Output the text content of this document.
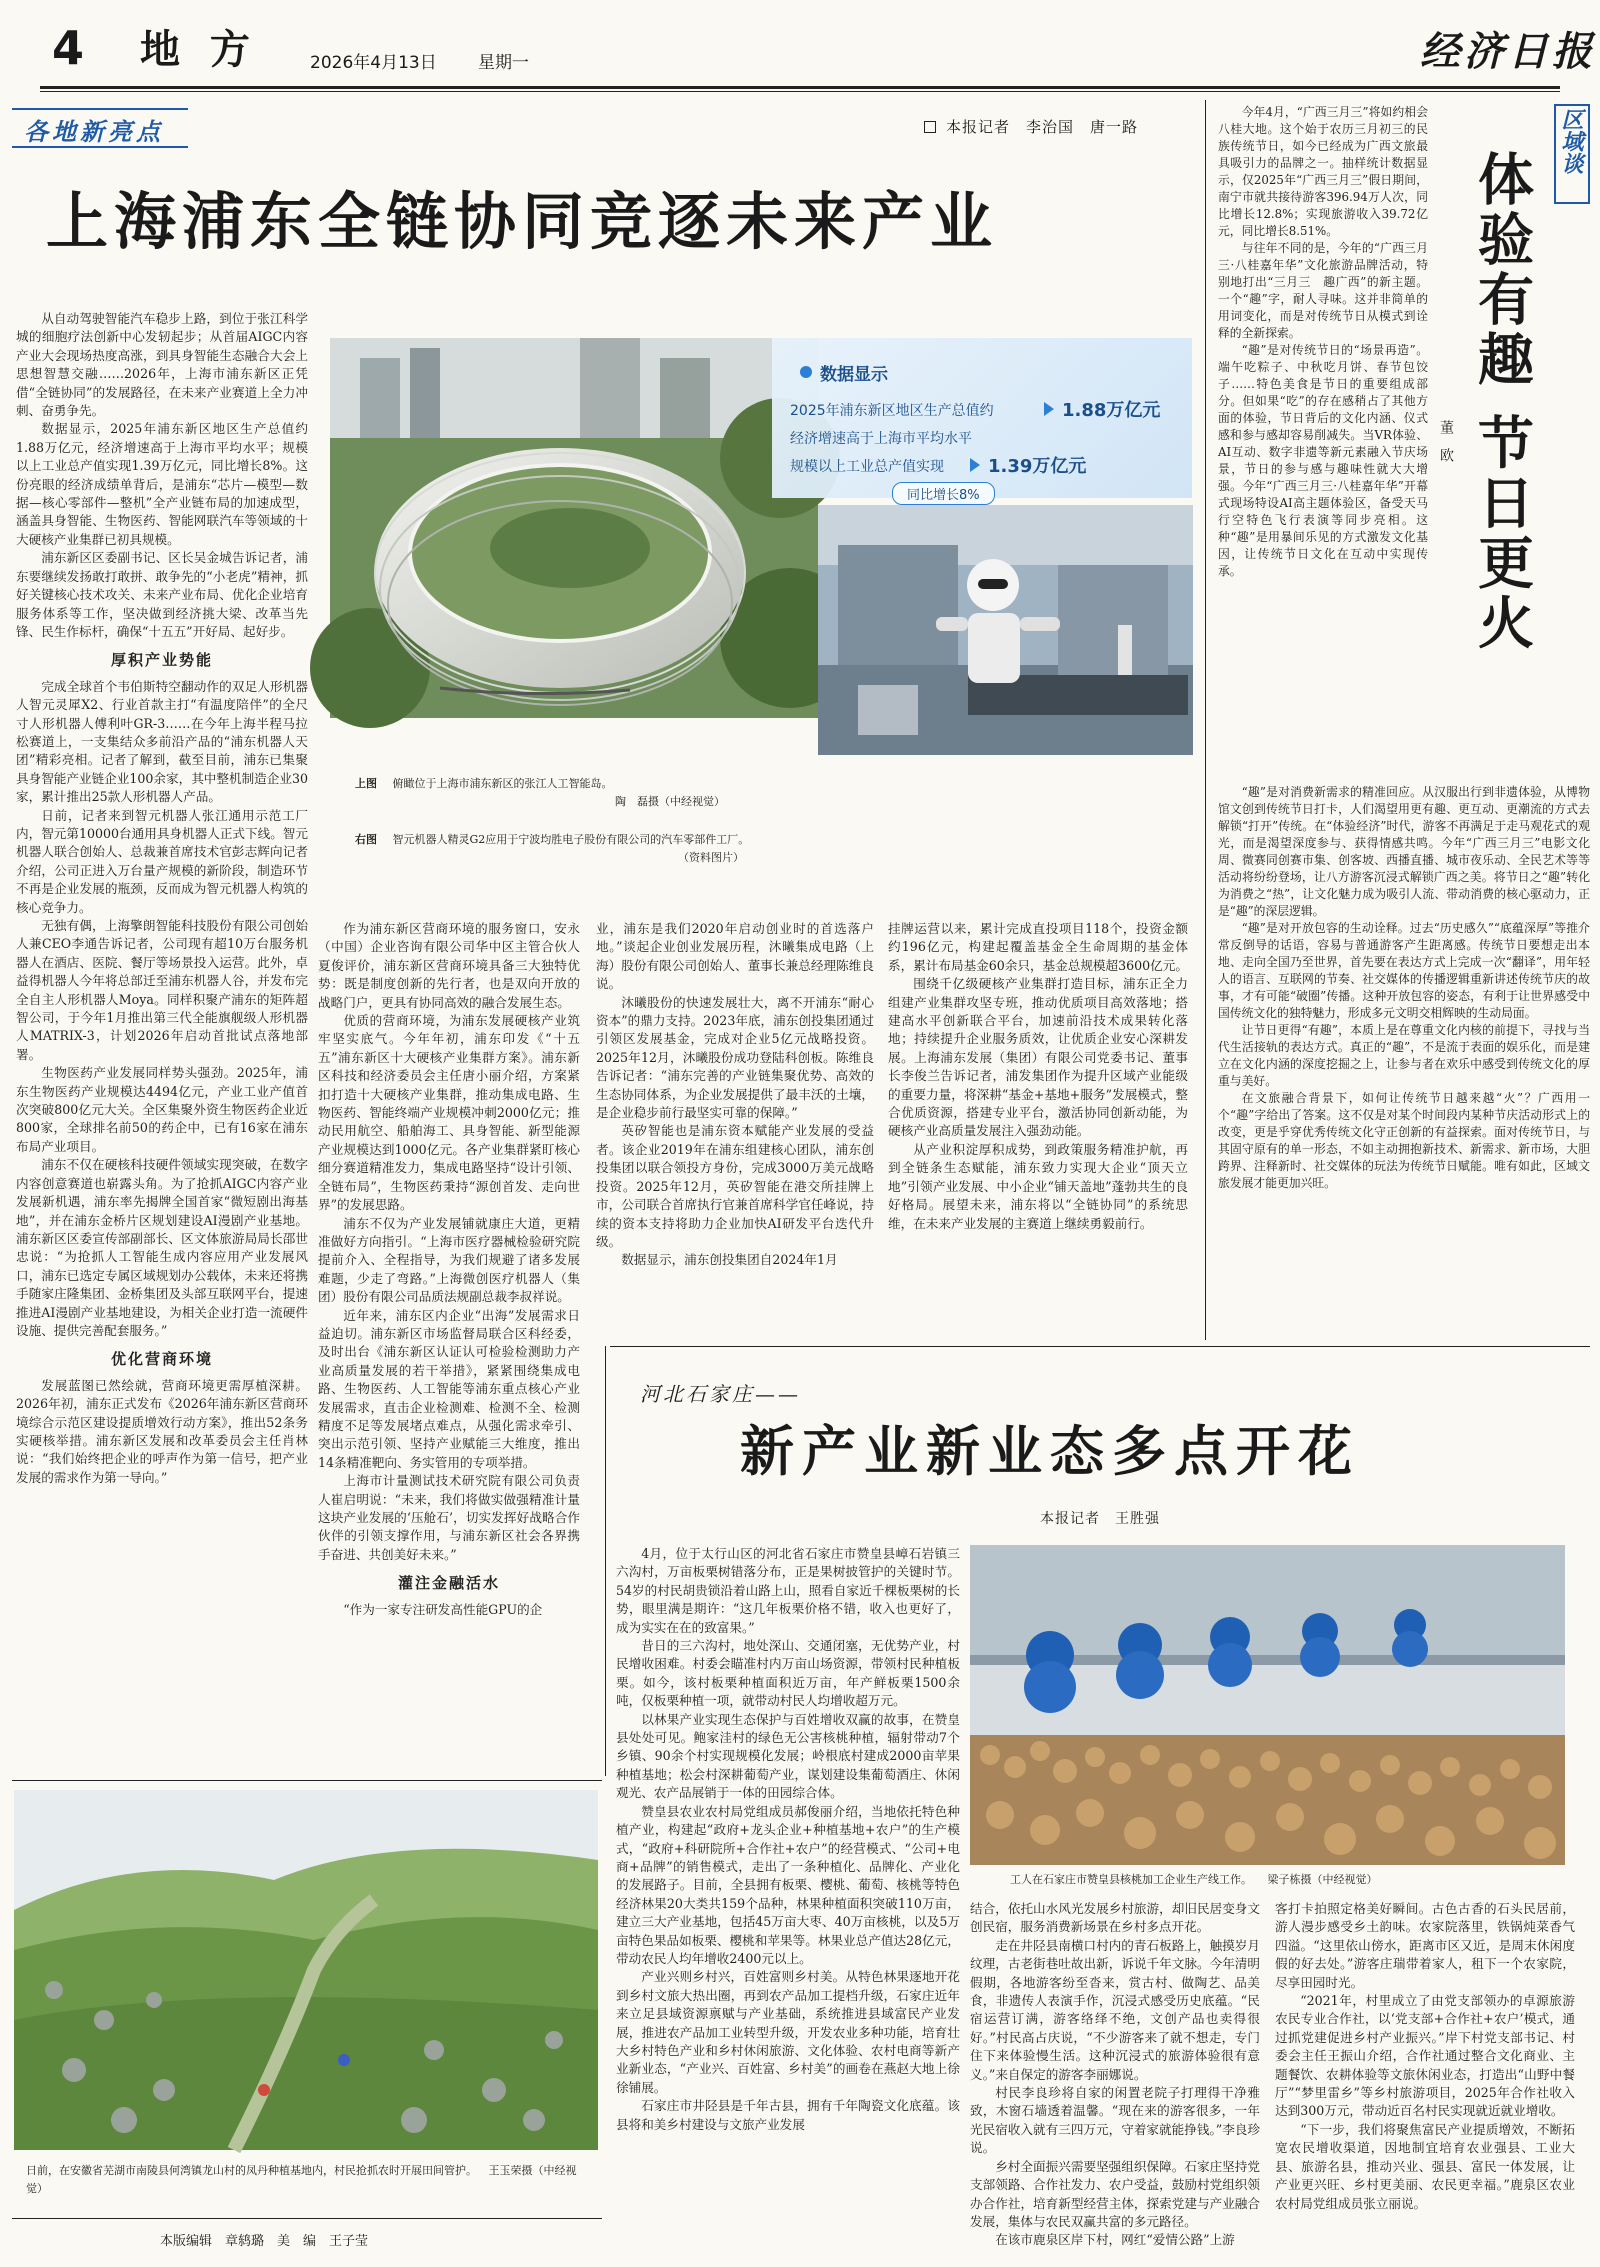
4 地 方	2026年4月13日 星期一	经济日报
各地新亮点	本报记者　李治国　唐一路
上海浦东全链协同竞逐未来产业
数据显示
2025年浦东新区地区生产总值约	1.88万亿元
经济增速高于上海市平均水平
规模以上工业总产值实现 1.39万亿元
同比增长8%
上图 俯瞰位于上海市浦东新区的张江人工智能岛。
陶　磊摄（中经视觉）
右图 智元机器人精灵G2应用于宁波均胜电子股份有限公司的汽车零部件工厂。
（资料图片）

从自动驾驶智能汽车稳步上路，到位于张江科学城的细胞疗法创新中心发轫起步；从首届AIGC内容产业大会现场热度高涨，到具身智能生态融合大会上思想智慧交融……2026年，上海市浦东新区正凭借“全链协同”的发展路径，在未来产业赛道上全力冲刺、奋勇争先。

数据显示，2025年浦东新区地区生产总值约1.88万亿元，经济增速高于上海市平均水平；规模以上工业总产值实现1.39万亿元，同比增长8%。这份亮眼的经济成绩单背后，是浦东“芯片—模型—数据—核心零部件—整机”全产业链布局的加速成型，涵盖具身智能、生物医药、智能网联汽车等领域的十大硬核产业集群已初具规模。

浦东新区区委副书记、区长吴金城告诉记者，浦东要继续发扬敢打敢拼、敢争先的“小老虎”精神，抓好关键核心技术攻关、未来产业布局、优化企业培育服务体系等工作，坚决做到经济挑大梁、改革当先锋、民生作标杆，确保“十五五”开好局、起好步。

厚积产业势能

完成全球首个韦伯斯特空翻动作的双足人形机器人智元灵犀X2、行业首款主打“有温度陪伴”的全尺寸人形机器人傅利叶GR-3……在今年上海半程马拉松赛道上，一支集结众多前沿产品的“浦东机器人天团”精彩亮相。记者了解到，截至目前，浦东已集聚具身智能产业链企业100余家，其中整机制造企业30家，累计推出25款人形机器人产品。

日前，记者来到智元机器人张江通用示范工厂内，智元第10000台通用具身机器人正式下线。智元机器人联合创始人、总裁兼首席技术官彭志辉向记者介绍，公司正进入万台量产规模的新阶段，制造环节不再是企业发展的瓶颈，反而成为智元机器人构筑的核心竞争力。

无独有偶，上海擎朗智能科技股份有限公司创始人兼CEO李通告诉记者，公司现有超10万台服务机器人在酒店、医院、餐厅等场景投入运营。此外，卓益得机器人今年将总部迁至浦东机器人谷，并发布完全自主人形机器人Moya。同样积聚产浦东的矩阵超智公司，于今年1月推出第三代全能旗舰级人形机器人MATRIX-3，计划2026年启动首批试点落地部署。

生物医药产业发展同样势头强劲。2025年，浦东生物医药产业规模达4494亿元，产业工业产值首次突破800亿元大关。全区集聚外资生物医药企业近800家，全球排名前50的药企中，已有16家在浦东布局产业项目。

浦东不仅在硬核科技硬件领域实现突破，在数字内容创意赛道也崭露头角。为了抢抓AIGC内容产业发展新机遇，浦东率先揭牌全国首家“微短剧出海基地”，并在浦东金桥片区规划建设AI漫剧产业基地。浦东新区区委宣传部副部长、区文体旅游局局长邵世忠说：“为抢抓人工智能生成内容应用产业发展风口，浦东已选定专属区域规划办公载体，未来还将携手随家庄隆集团、金桥集团及头部互联网平台，提速推进AI漫剧产业基地建设，为相关企业打造一流硬件设施、提供完善配套服务。”

优化营商环境

发展蓝图已然绘就，营商环境更需厚植深耕。2026年初，浦东正式发布《2026年浦东新区营商环境综合示范区建设提质增效行动方案》，推出52条务实硬核举措。浦东新区发展和改革委员会主任肖林说：“我们始终把企业的呼声作为第一信号，把产业发展的需求作为第一导向。”

作为浦东新区营商环境的服务窗口，安永（中国）企业咨询有限公司华中区主管合伙人夏俊评价，浦东新区营商环境具备三大独特优势：既是制度创新的先行者，也是双向开放的战略门户，更具有协同高效的融合发展生态。

优质的营商环境，为浦东发展硬核产业筑牢坚实底气。今年年初，浦东印发《“十五五”浦东新区十大硬核产业集群方案》。浦东新区科技和经济委员会主任唐小丽介绍，方案紧扣打造十大硬核产业集群，推动集成电路、生物医药、智能终端产业规模冲刺2000亿元；推动民用航空、船舶海工、具身智能、新型能源产业规模达到1000亿元。各产业集群紧盯核心细分赛道精准发力，集成电路坚持“设计引领、全链布局”，生物医药秉持“源创首发、走向世界”的发展思路。

浦东不仅为产业发展铺就康庄大道，更精准做好方向指引。“上海市医疗器械检验研究院提前介入、全程指导，为我们规避了诸多发展难题，少走了弯路。”上海微创医疗机器人（集团）股份有限公司品质法规副总裁李叔祥说。

近年来，浦东区内企业“出海”发展需求日益迫切。浦东新区市场监督局联合区科经委，及时出台《浦东新区认证认可检验检测助力产业高质量发展的若干举措》，紧紧围绕集成电路、生物医药、人工智能等浦东重点核心产业发展需求，直击企业检测难、检测不全、检测精度不足等发展堵点难点，从强化需求牵引、突出示范引领、坚持产业赋能三大维度，推出14条精准靶向、务实管用的专项举措。

上海市计量测试技术研究院有限公司负责人崔启明说：“未来，我们将做实做强精准计量这块产业发展的‘压舱石’，切实发挥好战略合作伙伴的引领支撑作用，与浦东新区社会各界携手奋进、共创美好未来。”

灌注金融活水

“作为一家专注研发高性能GPU的企

业，浦东是我们2020年启动创业时的首选落户地。”谈起企业创业发展历程，沐曦集成电路（上海）股份有限公司创始人、董事长兼总经理陈维良说。

沐曦股份的快速发展壮大，离不开浦东“耐心资本”的鼎力支持。2023年底，浦东创投集团通过引领区发展基金，完成对企业5亿元战略投资。2025年12月，沐曦股份成功登陆科创板。陈维良告诉记者：“浦东完善的产业链集聚优势、高效的生态协同体系，为企业发展提供了最丰沃的土壤，是企业稳步前行最坚实可靠的保障。”

英矽智能也是浦东资本赋能产业发展的受益者。该企业2019年在浦东组建核心团队，浦东创投集团以联合领投方身份，完成3000万美元战略投资。2025年12月，英矽智能在港交所挂牌上市，公司联合首席执行官兼首席科学官任峰说，持续的资本支持将助力企业加快AI研发平台迭代升级。

数据显示，浦东创投集团自2024年1月

挂牌运营以来，累计完成直投项目118个，投资金额约196亿元，构建起覆盖基金全生命周期的基金体系，累计布局基金60余只，基金总规模超3600亿元。

围绕千亿级硬核产业集群打造目标，浦东正全力组建产业集群攻坚专班，推动优质项目高效落地；搭建高水平创新联合平台，加速前沿技术成果转化落地；持续提升企业服务质效，让优质企业安心深耕发展。上海浦东发展（集团）有限公司党委书记、董事长李俊兰告诉记者，浦发集团作为提升区域产业能级的重要力量，将深耕“基金+基地+服务”发展模式，整合优质资源，搭建专业平台，激活协同创新动能，为硬核产业高质量发展注入强劲动能。

从产业积淀厚积成势，到政策服务精准护航，再到全链条生态赋能，浦东致力实现大企业“顶天立地”引领产业发展、中小企业“铺天盖地”蓬勃共生的良好格局。展望未来，浦东将以“全链协同”的系统思维，在未来产业发展的主赛道上继续勇毅前行。

今年4月，“广西三月三”将如约相会八桂大地。这个始于农历三月初三的民族传统节日，如今已经成为广西文旅最具吸引力的品牌之一。抽样统计数据显示，仅2025年“广西三月三”假日期间，南宁市就共接待游客396.94万人次，同比增长12.8%；实现旅游收入39.72亿元，同比增长8.51%。

与往年不同的是，今年的“广西三月三·八桂嘉年华”文化旅游品牌活动，特别地打出“三月三　趣广西”的新主题。一个“趣”字，耐人寻味。这并非简单的用词变化，而是对传统节日从模式到诠释的全新探索。

“趣”是对传统节日的“场景再造”。端午吃粽子、中秋吃月饼、春节包饺子……特色美食是节日的重要组成部分。但如果“吃”的存在感稍占了其他方面的体验，节日背后的文化内涵、仪式感和参与感却容易削减失。当VR体验、AI互动、数字非遗等新元素融入节庆场景，节日的参与感与趣味性就大大增强。今年“广西三月三·八桂嘉年华”开幕式现场特设AI高主题体验区，备受天马行空特色飞行表演等同步亮相。这种“趣”是用暴间乐见的方式激发文化基因，让传统节日文化在互动中实现传承。

区域谈
体验有趣 节日更火
董　欧

“趣”是对消费新需求的精准回应。从汉服出行到非遗体验，从博物馆文创到传统节日打卡，人们渴望用更有趣、更互动、更潮流的方式去解锁“打开”传统。在“体验经济”时代，游客不再满足于走马观花式的观光，而是渴望深度参与、获得情感共鸣。今年“广西三月三”电影文化周、微赛同创赛市集、创客坡、西播直播、城市夜乐动、全民艺术等等活动将纷纷登场，让八方游客沉浸式解锁广西之美。将节日之“趣”转化为消费之“热”，让文化魅力成为吸引人流、带动消费的核心驱动力，正是“趣”的深层逻辑。

“趣”是对开放包容的生动诠释。过去“历史感久”“底蕴深厚”等推介常反倒导的话语，容易与普通游客产生距离感。传统节日要想走出本地、走向全国乃至世界，首先要在表达方式上完成一次“翻译”，用年轻人的语言、互联网的节奏、社交媒体的传播逻辑重新讲述传统节庆的故事，才有可能“破圈”传播。这种开放包容的姿态，有利于让世界感受中国传统文化的独特魅力，形成多元文明交相辉映的生动局面。

让节日更得“有趣”，本质上是在尊重文化内核的前提下，寻找与当代生活接轨的表达方式。真正的“趣”，不是流于表面的娱乐化，而是建立在文化内涵的深度挖掘之上，让参与者在欢乐中感受到传统文化的厚重与美好。

在文旅融合背景下，如何让传统节日越来越“火”？广西用一个“趣”字给出了答案。这不仅是对某个时间段内某种节庆活动形式上的改变，更是乎穿优秀传统文化守正创新的有益探索。面对传统节日，与其固守原有的单一形态，不如主动拥抱新技术、新需求、新市场，大胆跨界、注释新时、社交媒体的玩法为传统节日赋能。唯有如此，区域文旅发展才能更加兴旺。

河北石家庄——
新产业新业态多点开花
本报记者　王胜强
工人在石家庄市赞皇县核桃加工企业生产线工作。 梁子栋摄（中经视觉）

4月，位于太行山区的河北省石家庄市赞皇县嶂石岩镇三六沟村，万亩板栗树错落分布，正是果树披管护的关键时节。54岁的村民胡贵锁沿着山路上山，照看自家近千棵板栗树的长势，眼里满是期许：“这几年板栗价格不错，收入也更好了，成为实实在在的致富果。”

昔日的三六沟村，地处深山、交通闭塞，无优势产业，村民增收困难。村委会瞄准村内万亩山场资源，带领村民种植板栗。如今，该村板栗种植面积近万亩，年产鲜板栗1500余吨，仅板栗种植一项，就带动村民人均增收超万元。

以林果产业实现生态保护与百姓增收双赢的故事，在赞皇县处处可见。鲍家洼村的绿色无公害核桃种植，辐射带动7个乡镇、90余个村实现规模化发展；岭根底村建成2000亩苹果种植基地；松会村深耕葡萄产业，谋划建设集葡萄酒庄、休闲观光、农产品展销于一体的田园综合体。

赞皇县农业农村局党组成员郝俊丽介绍，当地依托特色种植产业，构建起“政府+龙头企业+种植基地+农户”的生产模式，“政府+科研院所+合作社+农户”的经营模式、“公司+电商+品牌”的销售模式，走出了一条种植化、品牌化、产业化的发展路子。目前，全县拥有板栗、樱桃、葡萄、核桃等特色经济林果20大类共159个品种，林果种植面积突破110万亩，建立三大产业基地，包括45万亩大枣、40万亩核桃，以及5万亩特色果品如板栗、樱桃和苹果等。林果业总产值达28亿元，带动农民人均年增收2400元以上。

产业兴则乡村兴，百姓富则乡村美。从特色林果逐地开花到乡村文旅大热出圈，再到农产品加工提档升级，石家庄近年来立足县域资源禀赋与产业基础，系统推进县域富民产业发展，推进农产品加工业转型升级，开发农业多种功能，培育壮大乡村特色产业和乡村休闲旅游、文化体验、农村电商等新产业新业态，“产业兴、百姓富、乡村美”的画卷在燕赵大地上徐徐铺展。

石家庄市井陉县是千年古县，拥有千年陶瓷文化底蕴。该县将和美乡村建设与文旅产业发展

结合，依托山水风光发展乡村旅游，却旧民居变身文创民宿，服务消费新场景在乡村多点开花。

走在井陉县南横口村内的青石板路上，触摸岁月纹理，古老街巷吐故出新，诉说千年文脉。今年清明假期，各地游客纷至沓来，赏古村、做陶艺、品美食，非遗传人表演手作，沉浸式感受历史底蕴。“民宿运营订满，游客络绎不绝，文创产品也卖得很好。”村民高占庆说，“不少游客来了就不想走，专门住下来体验慢生活。这种沉浸式的旅游体验很有意义。”来自保定的游客李丽娜说。

村民李良珍将自家的闲置老院子打理得干净雅致，木窗石墙透着温馨。“现在来的游客很多，一年光民宿收入就有三四万元，守着家就能挣钱。”李良珍说。

乡村全面振兴需要坚强组织保障。石家庄坚持党支部领路、合作社发力、农户受益，鼓励村党组织领办合作社，培育新型经营主体，探索党建与产业融合发展，集体与农民双赢共富的多元路径。

在该市鹿泉区岸下村，网红“爱情公路”上游

客打卡拍照定格美好瞬间。古色古香的石头民居前，游人漫步感受乡土韵味。农家院落里，铁锅炖菜香气四溢。“这里依山傍水，距离市区又近，是周末休闲度假的好去处。”游客庄瑞带着家人，租下一个农家院，尽享田园时光。

“2021年，村里成立了由党支部领办的卓源旅游农民专业合作社，以‘党支部+合作社+农户’模式，通过抓党建促进乡村产业振兴。”岸下村党支部书记、村委会主任王振山介绍，合作社通过整合文化商业、主题餐饮、农耕体验等文旅休闲业态，打造出“山野中餐厅”“梦里雷乡”等乡村旅游项目，2025年合作社收入达到300万元，带动近百名村民实现就近就业增收。

“下一步，我们将聚焦富民产业提质增效，不断拓宽农民增收渠道，因地制宜培育农业强县、工业大县、旅游名县，推动兴业、强县、富民一体发展，让产业更兴旺、乡村更美丽、农民更幸福。”鹿泉区农业农村局党组成员张立丽说。

日前，在安徽省芜湖市南陵县何湾镇龙山村的凤丹种植基地内，村民抢抓农时开展田间管护。 王玉荣摄（中经视觉）
本版编辑　章鸫璐　美　编　王子莹
